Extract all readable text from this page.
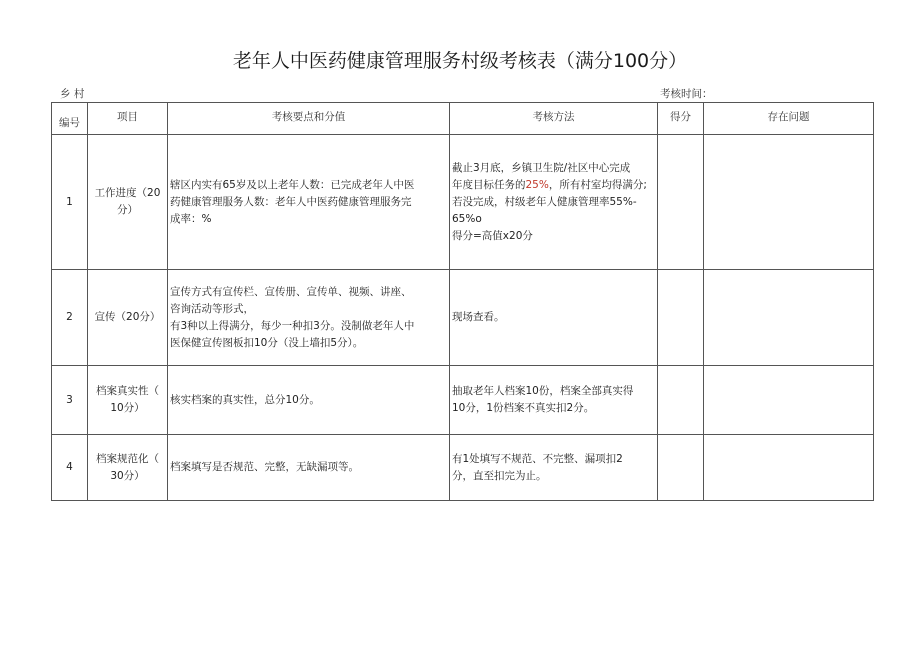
老年人中医药健康管理服务村级考核表（满分100分）
乡 村	考核时间：
编号	项目	考核要点和分值	考核方法	得分	存在问题
1	工作进度（20
分）	辖区内实有65岁及以上老年人数：已完成老年人中医
药健康管理服务人数：老年人中医药健康管理服务完
成率：%	截止3月底，乡镇卫生院/社区中心完成
年度目标任务的25%，所有村室均得满分;
若没完成，村级老年人健康管理率55%-
65%o
得分=高值x20分		

2	宣传（20分）	宣传方式有宣传栏、宣传册、宣传单、视频、讲座、
咨询活动等形式，
有3种以上得满分，每少一种扣3分。没制做老年人中
医保健宣传图板扣10分（没上墙扣5分）。	现场查看。		

3	档案真实性（
10分）	核实档案的真实性，总分10分。	抽取老年人档案10份，档案全部真实得
10分，1份档案不真实扣2分。		

4	档案规范化（
30分）	档案填写是否规范、完整，无缺漏项等。	有1处填写不规范、不完整、漏项扣2
分，直至扣完为止。		
